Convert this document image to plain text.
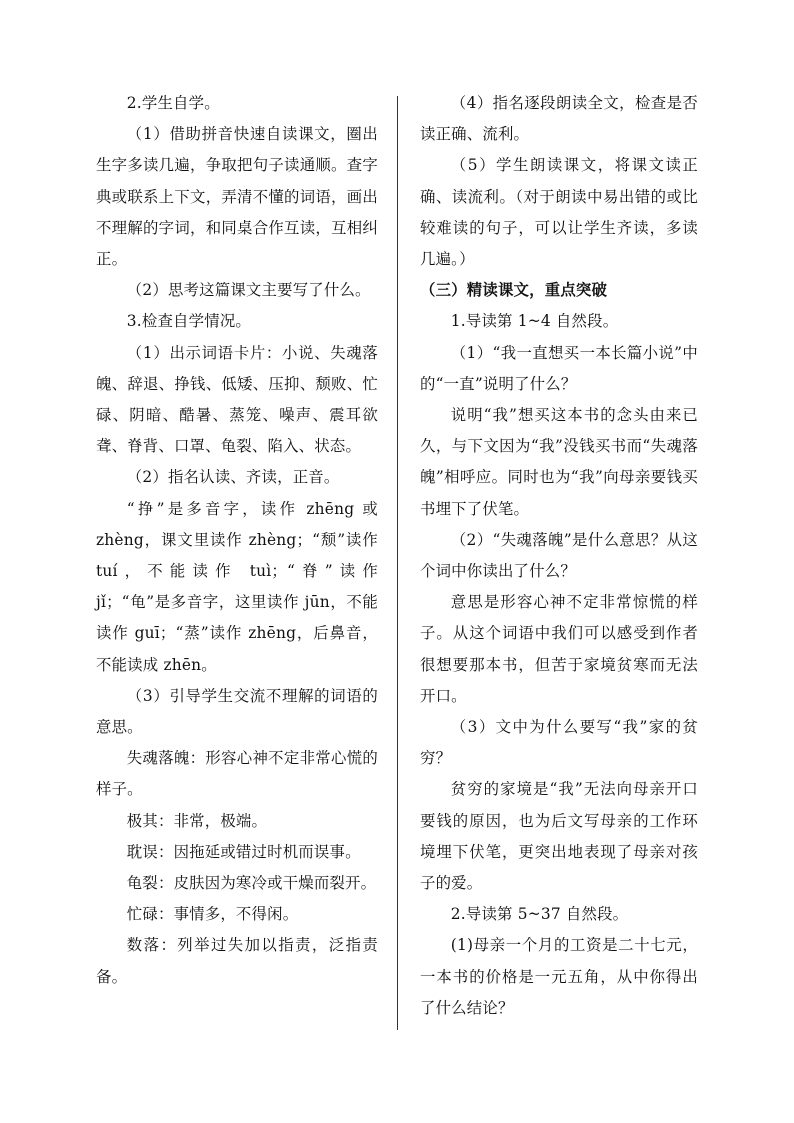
2.学生自学。

（1）借助拼音快速自读课文，圈出生字多读几遍，争取把句子读通顺。查字典或联系上下文，弄清不懂的词语，画出不理解的字词，和同桌合作互读，互相纠正。

（2）思考这篇课文主要写了什么。

3.检查自学情况。

（1）出示词语卡片：小说、失魂落魄、辞退、挣钱、低矮、压抑、颓败、忙碌、阴暗、酷暑、蒸笼、噪声、震耳欲聋、脊背、口罩、龟裂、陷入、状态。

（2）指名认读、齐读，正音。

“挣”是多音字，读作 zhēng 或 zhèng，课文里读作 zhèng；“颓”读作 tuí，不能读作 tuì；“脊”读作 jǐ；“龟”是多音字，这里读作 jūn，不能读作 guī；“蒸”读作 zhēng，后鼻音，不能读成 zhēn。

（3）引导学生交流不理解的词语的意思。

失魂落魄：形容心神不定非常心慌的样子。

极其：非常，极端。

耽误：因拖延或错过时机而误事。

龟裂：皮肤因为寒冷或干燥而裂开。

忙碌：事情多，不得闲。

数落：列举过失加以指责，泛指责备。

（4）指名逐段朗读全文，检查是否读正确、流利。

（5）学生朗读课文，将课文读正确、读流利。（对于朗读中易出错的或比较难读的句子，可以让学生齐读，多读几遍。）

（三）精读课文，重点突破

1.导读第 1~4 自然段。

（1）“我一直想买一本长篇小说”中的“一直”说明了什么？

说明“我”想买这本书的念头由来已久，与下文因为“我”没钱买书而“失魂落魄”相呼应。同时也为“我”向母亲要钱买书埋下了伏笔。

（2）“失魂落魄”是什么意思？从这个词中你读出了什么？

意思是形容心神不定非常惊慌的样子。从这个词语中我们可以感受到作者很想要那本书，但苦于家境贫寒而无法开口。

（3）文中为什么要写“我”家的贫穷？

贫穷的家境是“我”无法向母亲开口要钱的原因，也为后文写母亲的工作环境埋下伏笔，更突出地表现了母亲对孩子的爱。

2.导读第 5~37 自然段。

(1)母亲一个月的工资是二十七元，一本书的价格是一元五角，从中你得出了什么结论？
